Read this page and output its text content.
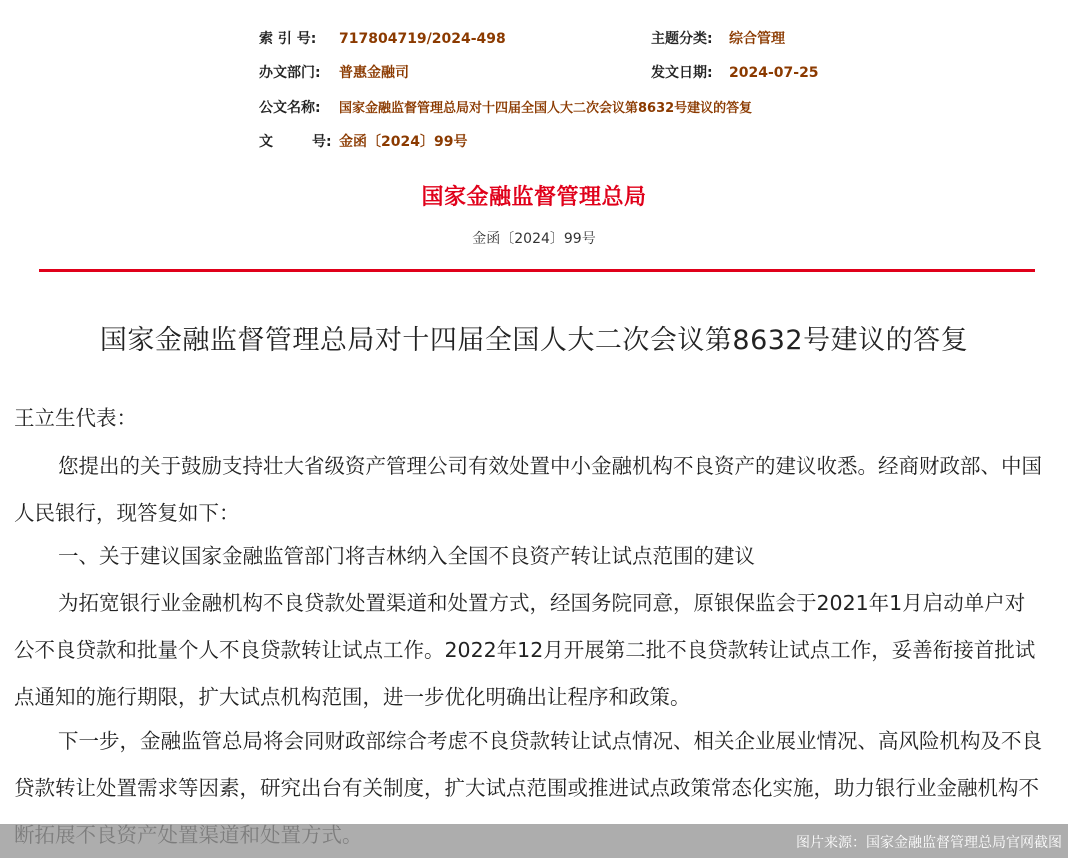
索 引 号: 717804719/2024-498	主题分类: 综合管理
办文部门: 普惠金融司	发文日期: 2024-07-25
公文名称: 国家金融监督管理总局对十四届全国人大二次会议第8632号建议的答复
文        号: 金函〔2024〕99号
国家金融监督管理总局
金函〔2024〕99号
国家金融监督管理总局对十四届全国人大二次会议第8632号建议的答复
王立生代表：

您提出的关于鼓励支持壮大省级资产管理公司有效处置中小金融机构不良资产的建议收悉。经商财政部、中国人民银行，现答复如下：

一、关于建议国家金融监管部门将吉林纳入全国不良资产转让试点范围的建议

为拓宽银行业金融机构不良贷款处置渠道和处置方式，经国务院同意，原银保监会于2021年1月启动单户对公不良贷款和批量个人不良贷款转让试点工作。2022年12月开展第二批不良贷款转让试点工作，妥善衔接首批试点通知的施行期限，扩大试点机构范围，进一步优化明确出让程序和政策。

下一步，金融监管总局将会同财政部综合考虑不良贷款转让试点情况、相关企业展业情况、高风险机构及不良贷款转让处置需求等因素，研究出台有关制度，扩大试点范围或推进试点政策常态化实施，助力银行业金融机构不

图片来源：国家金融监督管理总局官网截图
